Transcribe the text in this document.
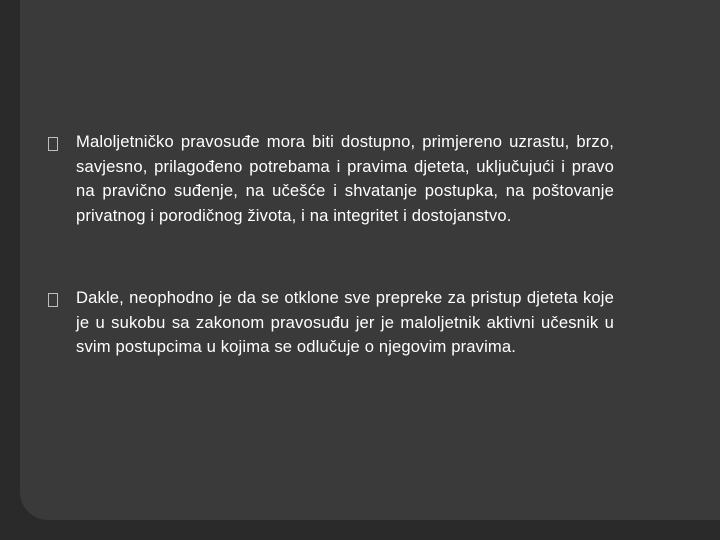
Maloljetničko pravosuđe mora biti dostupno, primjereno uzrastu, brzo, savjesno, prilagođeno potrebama i pravima djeteta, uključujući i pravo na pravično suđenje, na učešće i shvatanje postupka, na poštovanje privatnog i porodičnog života, i na integritet i dostojanstvo.
Dakle, neophodno je da se otklone sve prepreke za pristup djeteta koje je u sukobu sa zakonom pravosuđu jer je maloljetnik aktivni učesnik u svim postupcima u kojima se odlučuje o njegovim pravima.
